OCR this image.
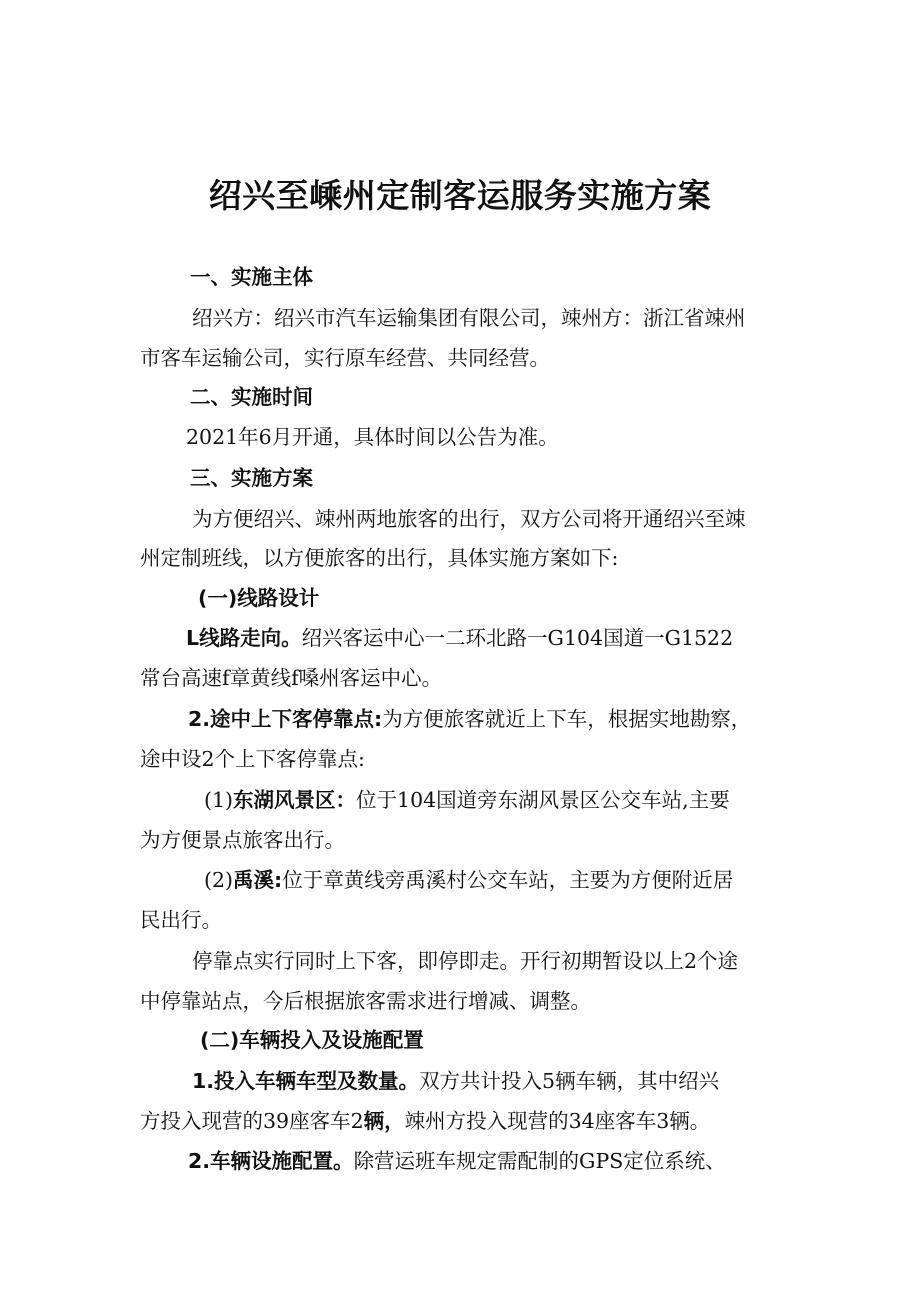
绍兴至嵊州定制客运服务实施方案
一、实施主体
绍兴方：绍兴市汽车运输集团有限公司，竦州方：浙江省竦州
市客车运输公司，实行原车经营、共同经营。
二、实施时间
2021年6月开通，具体时间以公告为准。
三、实施方案
为方便绍兴、竦州两地旅客的出行，双方公司将开通绍兴至竦
州定制班线，以方便旅客的出行，具体实施方案如下:
(一)线路设计
L线路走向。绍兴客运中心一二环北路一G104国道一G1522
常台高速f章黄线f嗓州客运中心。
2.途中上下客停靠点:为方便旅客就近上下车，根据实地勘察，
途中设2个上下客停靠点:
(1)东湖风景区：位于104国道旁东湖风景区公交车站,主要
为方便景点旅客出行。
(2)禹溪:位于章黄线旁禹溪村公交车站，主要为方便附近居
民出行。
停靠点实行同时上下客，即停即走。开行初期暂设以上2个途
中停靠站点，今后根据旅客需求进行增减、调整。
(二)车辆投入及设施配置
1.投入车辆车型及数量。双方共计投入5辆车辆，其中绍兴
方投入现营的39座客车2辆，竦州方投入现营的34座客车3辆。
2.车辆设施配置。除营运班车规定需配制的GPS定位系统、
